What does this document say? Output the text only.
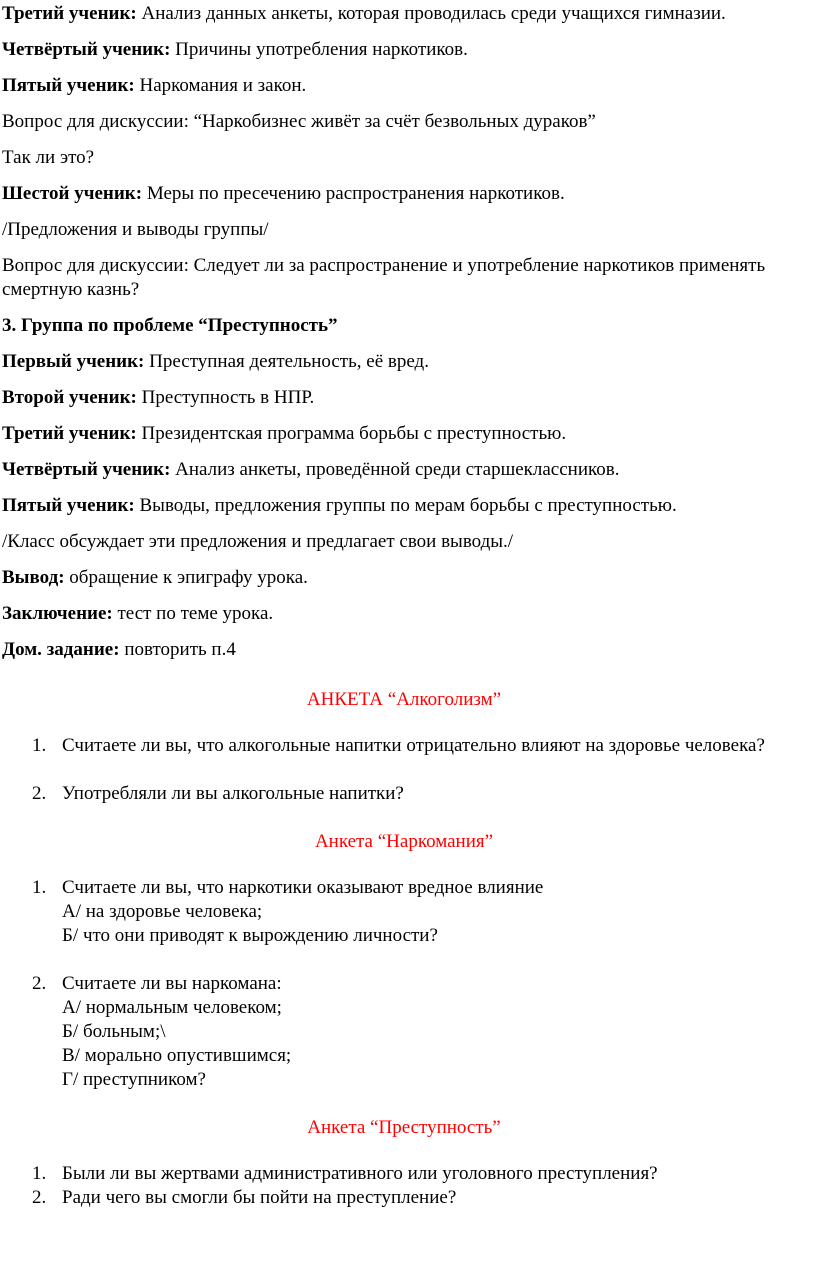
Третий ученик: Анализ данных анкеты, которая проводилась среди учащихся гимназии.

Четвёртый ученик: Причины употребления наркотиков.

Пятый ученик: Наркомания и закон.

Вопрос для дискуссии: “Наркобизнес живёт за счёт безвольных дураков”

Так ли это?

Шестой ученик: Меры по пресечению распространения наркотиков.

/Предложения и выводы группы/

Вопрос для дискуссии: Следует ли за распространение и употребление наркотиков применять смертную казнь?

3. Группа по проблеме “Преступность”

Первый ученик: Преступная деятельность, её вред.

Второй ученик: Преступность в НПР.

Третий ученик: Президентская программа борьбы с преступностью.

Четвёртый ученик: Анализ анкеты, проведённой среди старшеклассников.

Пятый ученик: Выводы, предложения группы по мерам борьбы с преступностью.

/Класс обсуждает эти предложения и предлагает свои выводы./

Вывод: обращение к эпиграфу урока.

Заключение: тест по теме урока.

Дом. задание: повторить п.4

АНКЕТА “Алкоголизм”
1. Считаете ли вы, что алкогольные напитки отрицательно влияют на здоровье человека?
2. Употребляли ли вы алкогольные напитки?
Анкета “Наркомания”
1. Считаете ли вы, что наркотики оказывают вредное влияние
А/ на здоровье человека;
Б/ что они приводят к вырождению личности?
2. Считаете ли вы наркомана:
А/ нормальным человеком;
Б/ больным;\
В/ морально опустившимся;
Г/ преступником?
Анкета “Преступность”
1. Были ли вы жертвами административного или уголовного преступления?
2. Ради чего вы смогли бы пойти на преступление?
